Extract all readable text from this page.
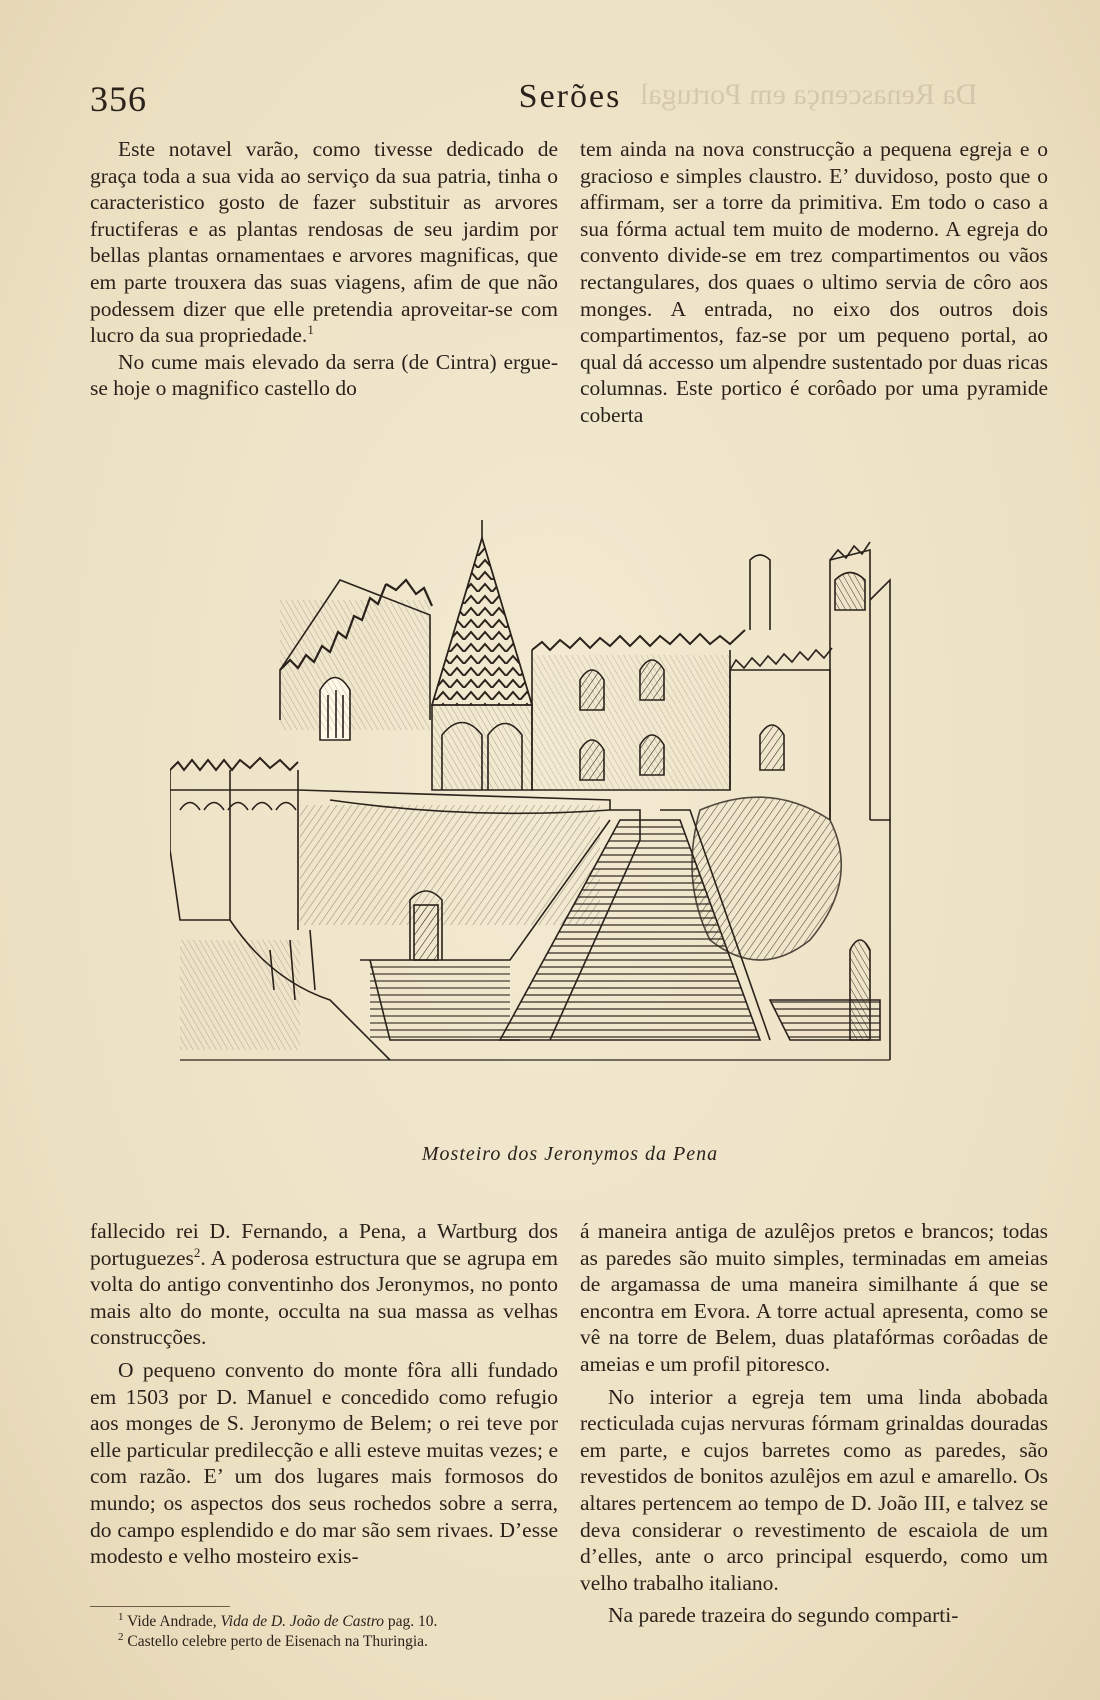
Da Renascença em Portugal
356	Serões

Este notavel varão, como tivesse dedicado de graça toda a sua vida ao serviço da sua patria, tinha o caracteristico gosto de fazer substituir as arvores fructiferas e as plantas rendosas de seu jardim por bellas plantas ornamentaes e arvores magnificas, que em parte trouxera das suas viagens, afim de que não podessem dizer que elle pretendia aproveitar-se com lucro da sua propriedade.$^1$

No cume mais elevado da serra (de Cintra) ergue-se hoje o magnifico castello do

tem ainda na nova construcção a pequena egreja e o gracioso e simples claustro. E’ duvidoso, posto que o affirmam, ser a torre da primitiva. Em todo o caso a sua fórma actual tem muito de moderno. A egreja do convento divide-se em trez compartimentos ou vãos rectangulares, dos quaes o ultimo servia de côro aos monges. A entrada, no eixo dos outros dois compartimentos, faz-se por um pequeno portal, ao qual dá accesso um alpendre sustentado por duas ricas columnas. Este portico é corôado por uma pyramide coberta

Mosteiro dos Jeronymos da Pena

fallecido rei D. Fernando, a Pena, a Wartburg dos portuguezes$^2$. A poderosa estructura que se agrupa em volta do antigo conventinho dos Jeronymos, no ponto mais alto do monte, occulta na sua massa as velhas construcções.

O pequeno convento do monte fôra alli fundado em 1503 por D. Manuel e concedido como refugio aos monges de S. Jeronymo de Belem; o rei teve por elle particular predilecção e alli esteve muitas vezes; e com razão. E’ um dos lugares mais formosos do mundo; os aspectos dos seus rochedos sobre a serra, do campo esplendido e do mar são sem rivaes. D’esse modesto e velho mosteiro exis-

á maneira antiga de azulêjos pretos e brancos; todas as paredes são muito simples, terminadas em ameias de argamassa de uma maneira similhante á que se encontra em Evora. A torre actual apresenta, como se vê na torre de Belem, duas platafórmas corôadas de ameias e um profil pitoresco.

No interior a egreja tem uma linda abobada recticulada cujas nervuras fórmam grinaldas douradas em parte, e cujos barretes como as paredes, são revestidos de bonitos azulêjos em azul e amarello. Os altares pertencem ao tempo de D. João III, e talvez se deva considerar o revestimento de escaiola de um d’elles, ante o arco principal esquerdo, como um velho trabalho italiano.

Na parede trazeira do segundo comparti-

$^1$ Vide Andrade, Vida de D. João de Castro pag. 10.
$^2$ Castello celebre perto de Eisenach na Thuringia.
